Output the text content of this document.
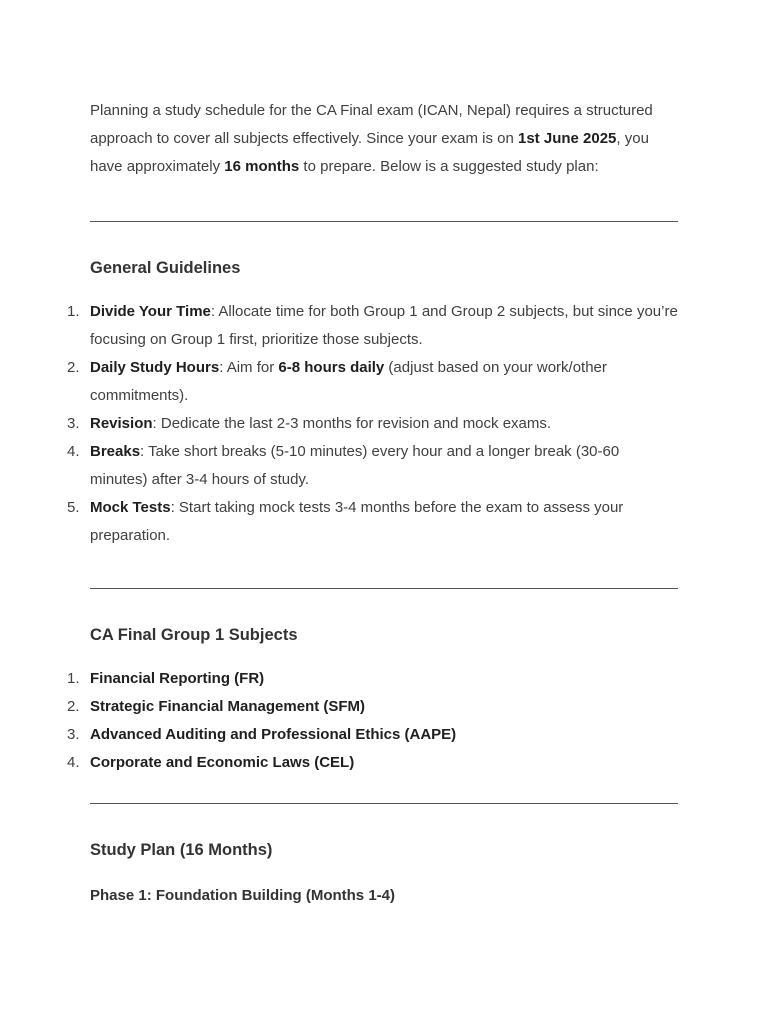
Planning a study schedule for the CA Final exam (ICAN, Nepal) requires a structured approach to cover all subjects effectively. Since your exam is on 1st June 2025, you have approximately 16 months to prepare. Below is a suggested study plan:

General Guidelines
1. Divide Your Time: Allocate time for both Group 1 and Group 2 subjects, but since you’re focusing on Group 1 first, prioritize those subjects.
2. Daily Study Hours: Aim for 6-8 hours daily (adjust based on your work/other commitments).
3. Revision: Dedicate the last 2-3 months for revision and mock exams.
4. Breaks: Take short breaks (5-10 minutes) every hour and a longer break (30-60 minutes) after 3-4 hours of study.
5. Mock Tests: Start taking mock tests 3-4 months before the exam to assess your preparation.
CA Final Group 1 Subjects
1. Financial Reporting (FR)
2. Strategic Financial Management (SFM)
3. Advanced Auditing and Professional Ethics (AAPE)
4. Corporate and Economic Laws (CEL)
Study Plan (16 Months)
Phase 1: Foundation Building (Months 1-4)
